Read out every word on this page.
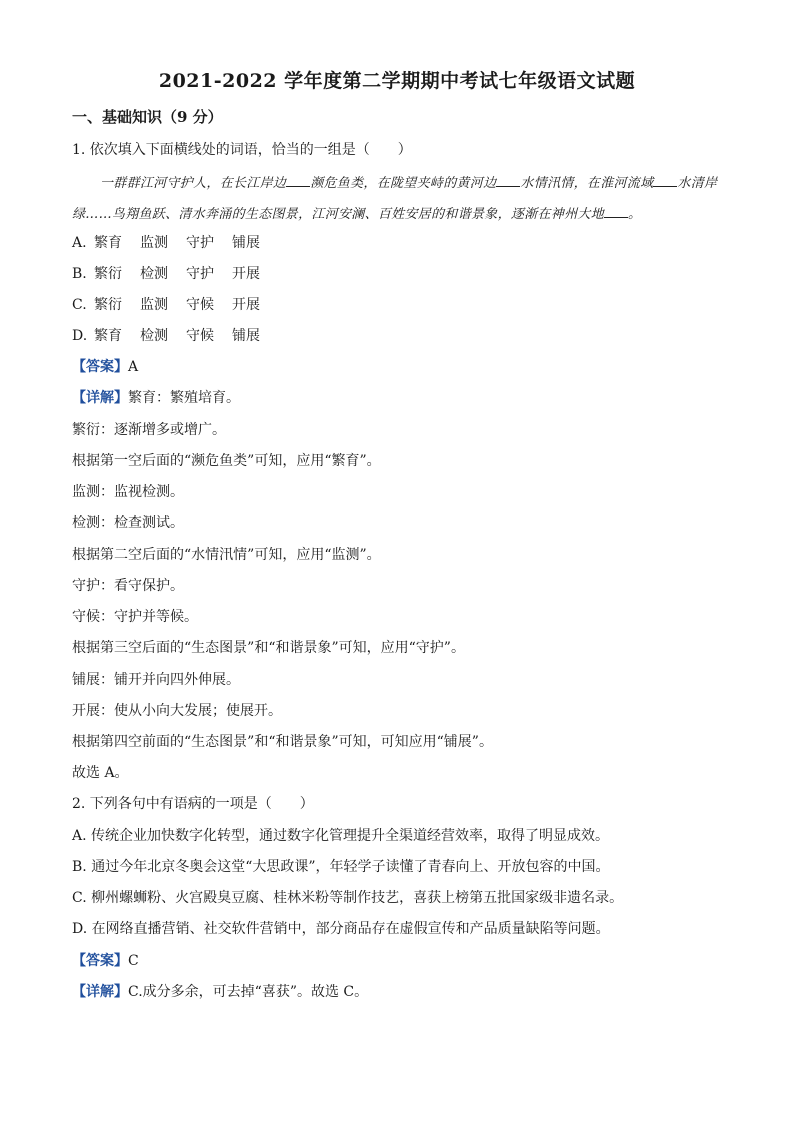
2021-2022 学年度第二学期期中考试七年级语文试题
一、基础知识（9 分）
1. 依次填入下面横线处的词语，恰当的一组是（　　）
一群群江河守护人，在长江岸边 濒危鱼类，在陇望夹峙的黄河边 水情汛情，在淮河流域 水清岸绿……鸟翔鱼跃、清水奔涌的生态图景，江河安澜、百姓安居的和谐景象，逐渐在神州大地 。
A. 繁育 监测 守护 铺展
B. 繁衍 检测 守护 开展
C. 繁衍 监测 守候 开展
D. 繁育 检测 守候 铺展
【答案】A
【详解】繁育：繁殖培育。
繁衍：逐渐增多或增广。
根据第一空后面的“濒危鱼类”可知，应用“繁育”。
监测：监视检测。
检测：检查测试。
根据第二空后面的“水情汛情”可知，应用“监测”。
守护：看守保护。
守候：守护并等候。
根据第三空后面的“生态图景”和“和谐景象”可知，应用“守护”。
铺展：铺开并向四外伸展。
开展：使从小向大发展；使展开。
根据第四空前面的“生态图景”和“和谐景象”可知，可知应用“铺展”。
故选 A。
2. 下列各句中有语病的一项是（　　）
A. 传统企业加快数字化转型，通过数字化管理提升全渠道经营效率，取得了明显成效。
B. 通过今年北京冬奥会这堂“大思政课”，年轻学子读懂了青春向上、开放包容的中国。
C. 柳州螺蛳粉、火宫殿臭豆腐、桂林米粉等制作技艺，喜获上榜第五批国家级非遗名录。
D. 在网络直播营销、社交软件营销中，部分商品存在虚假宣传和产品质量缺陷等问题。
【答案】C
【详解】C.成分多余，可去掉“喜获”。故选 C。
